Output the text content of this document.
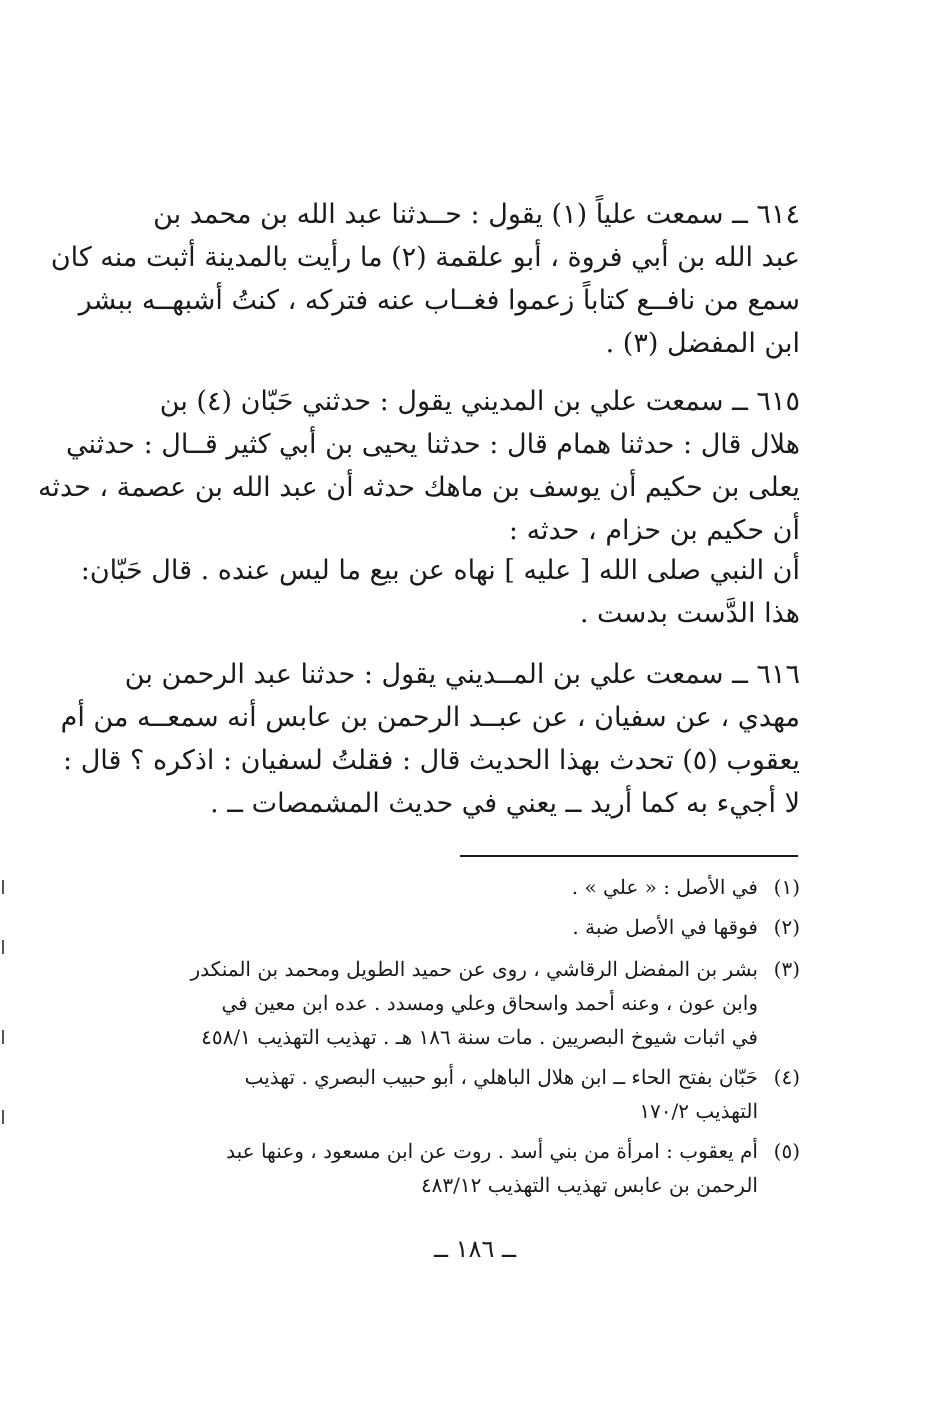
٦١٤ ــ سمعت علياً (١) يقول : حــدثنا عبد الله بن محمد بن
عبد الله بن أبي فروة ، أبو علقمة (٢) ما رأيت بالمدينة أثبت منه كان
سمع من نافــع كتاباً زعموا فغــاب عنه فتركه ، كنتُ أشبهــه ببشر
ابن المفضل (٣) .
٦١٥ ــ سمعت علي بن المديني يقول : حدثني حَبّان (٤) بن
هلال قال : حدثنا همام قال : حدثنا يحيى بن أبي كثير قــال : حدثني
يعلى بن حكيم أن يوسف بن ماهك حدثه أن عبد الله بن عصمة ، حدثه
أن حكيم بن حزام ، حدثه :
أن النبي صلى الله [ عليه ] نهاه عن بيع ما ليس عنده . قال حَبّان:
هذا الدَّست بدست .
٦١٦ ــ سمعت علي بن المــديني يقول : حدثنا عبد الرحمن بن
مهدي ، عن سفيان ، عن عبــد الرحمن بن عابس أنه سمعــه من أم
يعقوب (٥) تحدث بهذا الحديث قال : فقلتُ لسفيان : اذكره ؟ قال :
لا أجيء به كما أريد ــ يعني في حديث المشمصات ــ .
(١)
في الأصل : « علي » .
(٢)
فوقها في الأصل ضبة .
(٣)
بشر بن المفضل الرقاشي ، روى عن حميد الطويل ومحمد بن المنكدر
وابن عون ، وعنه أحمد واسحاق وعلي ومسدد . عده ابن معين في
في اثبات شيوخ البصريين . مات سنة ١٨٦ هـ . تهذيب التهذيب ٤٥٨/١
(٤)
حَبّان بفتح الحاء ــ ابن هلال الباهلي ، أبو حبيب البصري . تهذيب
التهذيب ١٧٠/٢
(٥)
أم يعقوب : امرأة من بني أسد . روت عن ابن مسعود ، وعنها عبد
الرحمن بن عابس تهذيب التهذيب ٤٨٣/١٢
ــ ١٨٦ ــ
